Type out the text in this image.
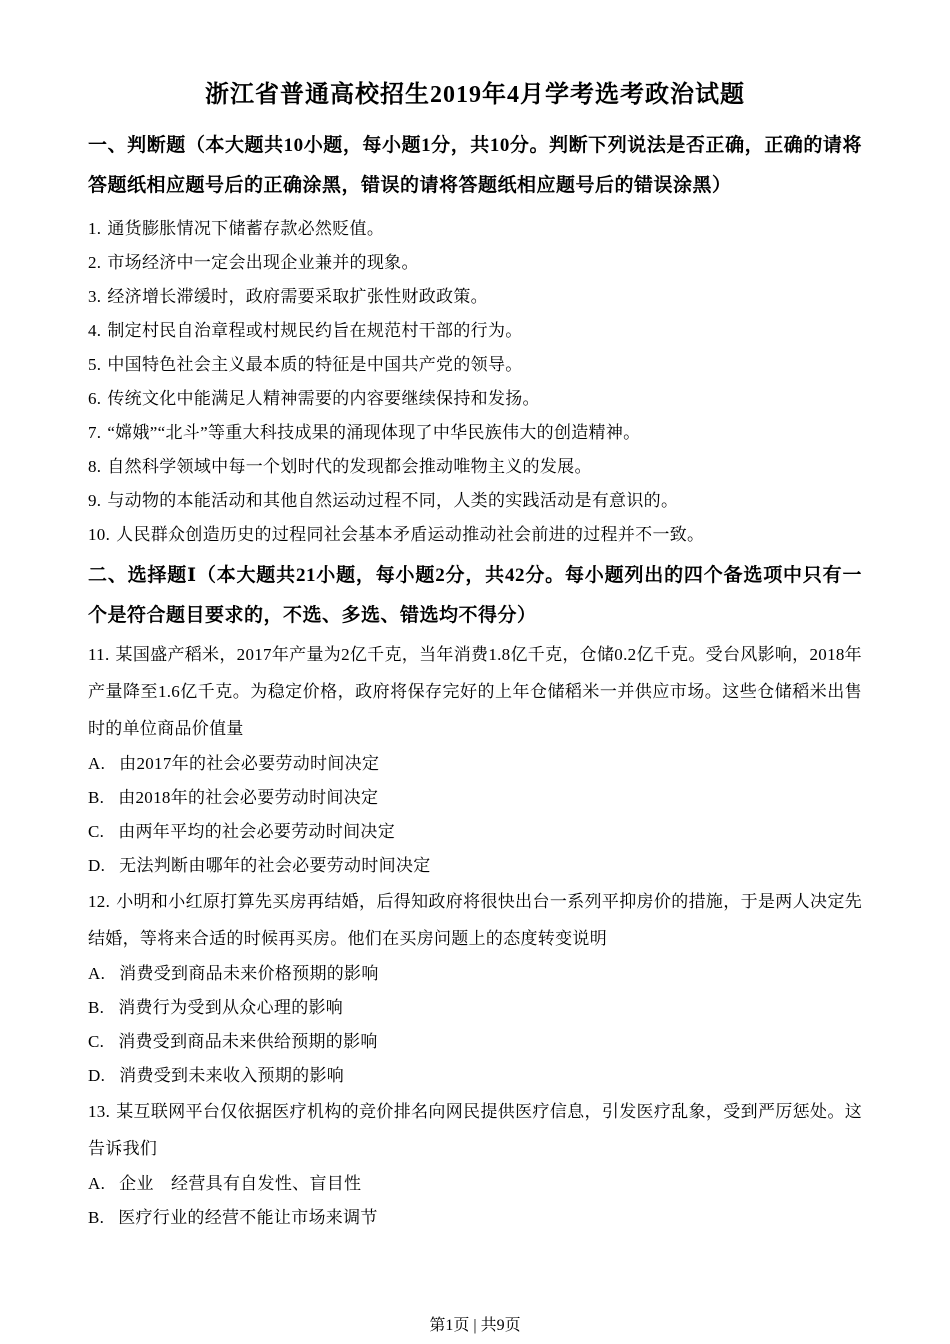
浙江省普通高校招生2019年4月学考选考政治试题

一、判断题（本大题共10小题，每小题1分，共10分。判断下列说法是否正确，正确的请将答题纸相应题号后的正确涂黑，错误的请将答题纸相应题号后的错误涂黑）

1. 通货膨胀情况下储蓄存款必然贬值。

2. 市场经济中一定会出现企业兼并的现象。

3. 经济增长滞缓时，政府需要采取扩张性财政政策。

4. 制定村民自治章程或村规民约旨在规范村干部的行为。

5. 中国特色社会主义最本质的特征是中国共产党的领导。

6. 传统文化中能满足人精神需要的内容要继续保持和发扬。

7. “嫦娥”“北斗”等重大科技成果的涌现体现了中华民族伟大的创造精神。

8. 自然科学领域中每一个划时代的发现都会推动唯物主义的发展。

9. 与动物的本能活动和其他自然运动过程不同，人类的实践活动是有意识的。

10. 人民群众创造历史的过程同社会基本矛盾运动推动社会前进的过程并不一致。

二、选择题Ⅰ（本大题共21小题，每小题2分，共42分。每小题列出的四个备选项中只有一个是符合题目要求的，不选、多选、错选均不得分）

11. 某国盛产稻米，2017年产量为2亿千克，当年消费1.8亿千克，仓储0.2亿千克。受台风影响，2018年产量降至1.6亿千克。为稳定价格，政府将保存完好的上年仓储稻米一并供应市场。这些仓储稻米出售时的单位商品价值量

A. 由2017年的社会必要劳动时间决定

B. 由2018年的社会必要劳动时间决定

C. 由两年平均的社会必要劳动时间决定

D. 无法判断由哪年的社会必要劳动时间决定

12. 小明和小红原打算先买房再结婚，后得知政府将很快出台一系列平抑房价的措施，于是两人决定先结婚，等将来合适的时候再买房。他们在买房问题上的态度转变说明

A. 消费受到商品未来价格预期的影响

B. 消费行为受到从众心理的影响

C. 消费受到商品未来供给预期的影响

D. 消费受到未来收入预期的影响

13. 某互联网平台仅依据医疗机构的竞价排名向网民提供医疗信息，引发医疗乱象，受到严厉惩处。这告诉我们

A. 企业　经营具有自发性、盲目性

B. 医疗行业的经营不能让市场来调节

第1页 | 共9页
